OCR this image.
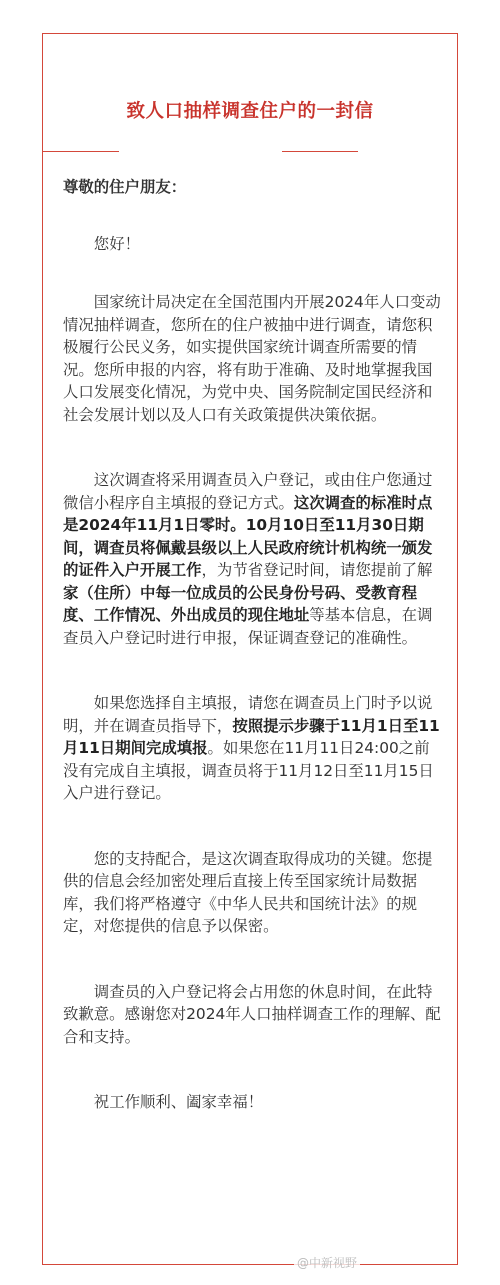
致人口抽样调查住户的一封信

尊敬的住户朋友：

您好！

国家统计局决定在全国范围内开展2024年人口变动情况抽样调查，您所在的住户被抽中进行调查，请您积极履行公民义务，如实提供国家统计调查所需要的情况。您所申报的内容，将有助于准确、及时地掌握我国人口发展变化情况，为党中央、国务院制定国民经济和社会发展计划以及人口有关政策提供决策依据。

这次调查将采用调查员入户登记，或由住户您通过微信小程序自主填报的登记方式。这次调查的标准时点是2024年11月1日零时。10月10日至11月30日期间，调查员将佩戴县级以上人民政府统计机构统一颁发的证件入户开展工作，为节省登记时间，请您提前了解家（住所）中每一位成员的公民身份号码、受教育程度、工作情况、外出成员的现住地址等基本信息，在调查员入户登记时进行申报，保证调查登记的准确性。

如果您选择自主填报，请您在调查员上门时予以说明，并在调查员指导下，按照提示步骤于11月1日至11月11日期间完成填报。如果您在11月11日24:00之前没有完成自主填报，调查员将于11月12日至11月15日入户进行登记。

您的支持配合，是这次调查取得成功的关键。您提供的信息会经加密处理后直接上传至国家统计局数据库，我们将严格遵守《中华人民共和国统计法》的规定，对您提供的信息予以保密。

调查员的入户登记将会占用您的休息时间，在此特致歉意。感谢您对2024年人口抽样调查工作的理解、配合和支持。

祝工作顺利、阖家幸福！

@中新视野
